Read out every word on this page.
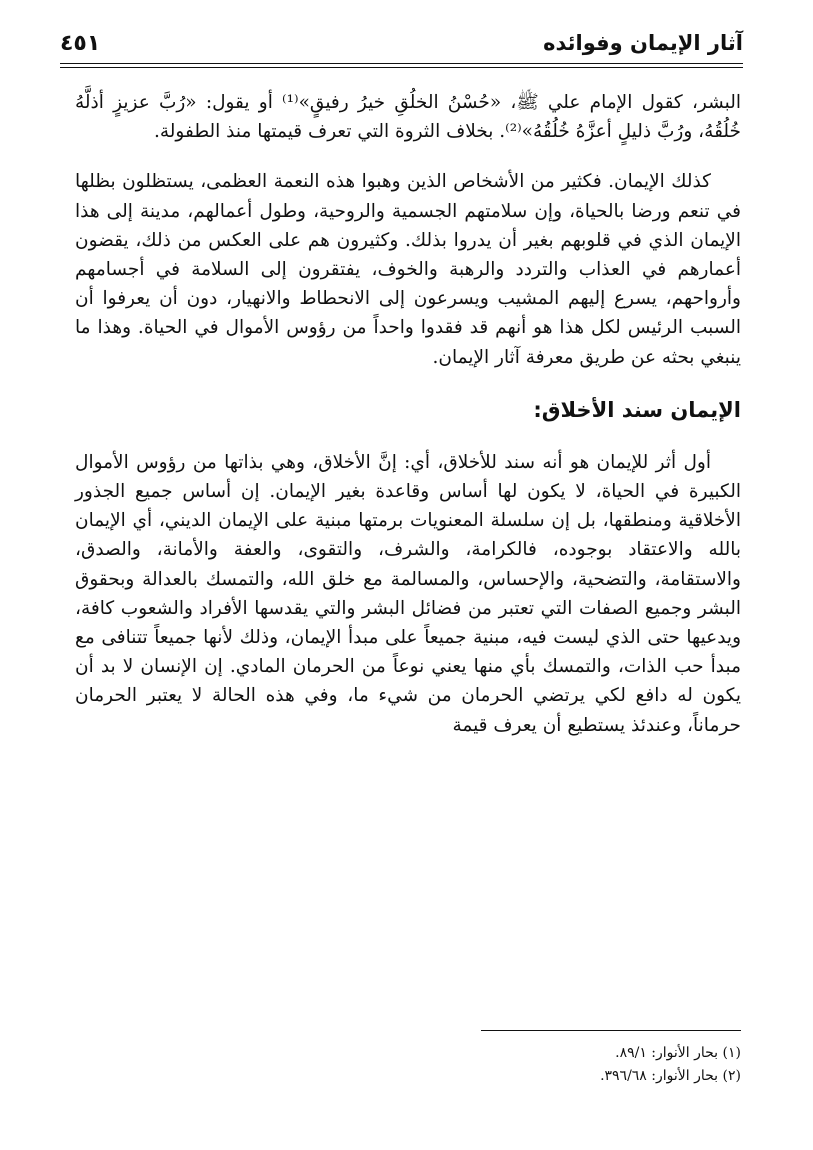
آثار الإيمان وفوائده
٤٥١

البشر، كقول الإمام علي ﷺ، «حُسْنُ الخلُقِ خيرُ رفيقٍ»⁽¹⁾ أو يقول: «رُبَّ عزيزٍ أذلَّهُ خُلُقُهُ، ورُبَّ ذليلٍ أعزَّهُ خُلُقُهُ»⁽²⁾. بخلاف الثروة التي تعرف قيمتها منذ الطفولة.

كذلك الإيمان. فكثير من الأشخاص الذين وهبوا هذه النعمة العظمى، يستظلون بظلها في تنعم ورضا بالحياة، وإن سلامتهم الجسمية والروحية، وطول أعمالهم، مدينة إلى هذا الإيمان الذي في قلوبهم بغير أن يدروا بذلك. وكثيرون هم على العكس من ذلك، يقضون أعمارهم في العذاب والتردد والرهبة والخوف، يفتقرون إلى السلامة في أجسامهم وأرواحهم، يسرع إليهم المشيب ويسرعون إلى الانحطاط والانهيار، دون أن يعرفوا أن السبب الرئيس لكل هذا هو أنهم قد فقدوا واحداً من رؤوس الأموال في الحياة. وهذا ما ينبغي بحثه عن طريق معرفة آثار الإيمان.

الإيمان سند الأخلاق:

أول أثر للإيمان هو أنه سند للأخلاق، أي: إنَّ الأخلاق، وهي بذاتها من رؤوس الأموال الكبيرة في الحياة، لا يكون لها أساس وقاعدة بغير الإيمان. إن أساس جميع الجذور الأخلاقية ومنطقها، بل إن سلسلة المعنويات برمتها مبنية على الإيمان الديني، أي الإيمان بالله والاعتقاد بوجوده، فالكرامة، والشرف، والتقوى، والعفة والأمانة، والصدق، والاستقامة، والتضحية، والإحساس، والمسالمة مع خلق الله، والتمسك بالعدالة وبحقوق البشر وجميع الصفات التي تعتبر من فضائل البشر والتي يقدسها الأفراد والشعوب كافة، ويدعيها حتى الذي ليست فيه، مبنية جميعاً على مبدأ الإيمان، وذلك لأنها جميعاً تتنافى مع مبدأ حب الذات، والتمسك بأي منها يعني نوعاً من الحرمان المادي. إن الإنسان لا بد أن يكون له دافع لكي يرتضي الحرمان من شيء ما، وفي هذه الحالة لا يعتبر الحرمان حرماناً، وعندئذ يستطيع أن يعرف قيمة

(١) بحار الأنوار: ٨٩/١.

(٢) بحار الأنوار: ٣٩٦/٦٨.
